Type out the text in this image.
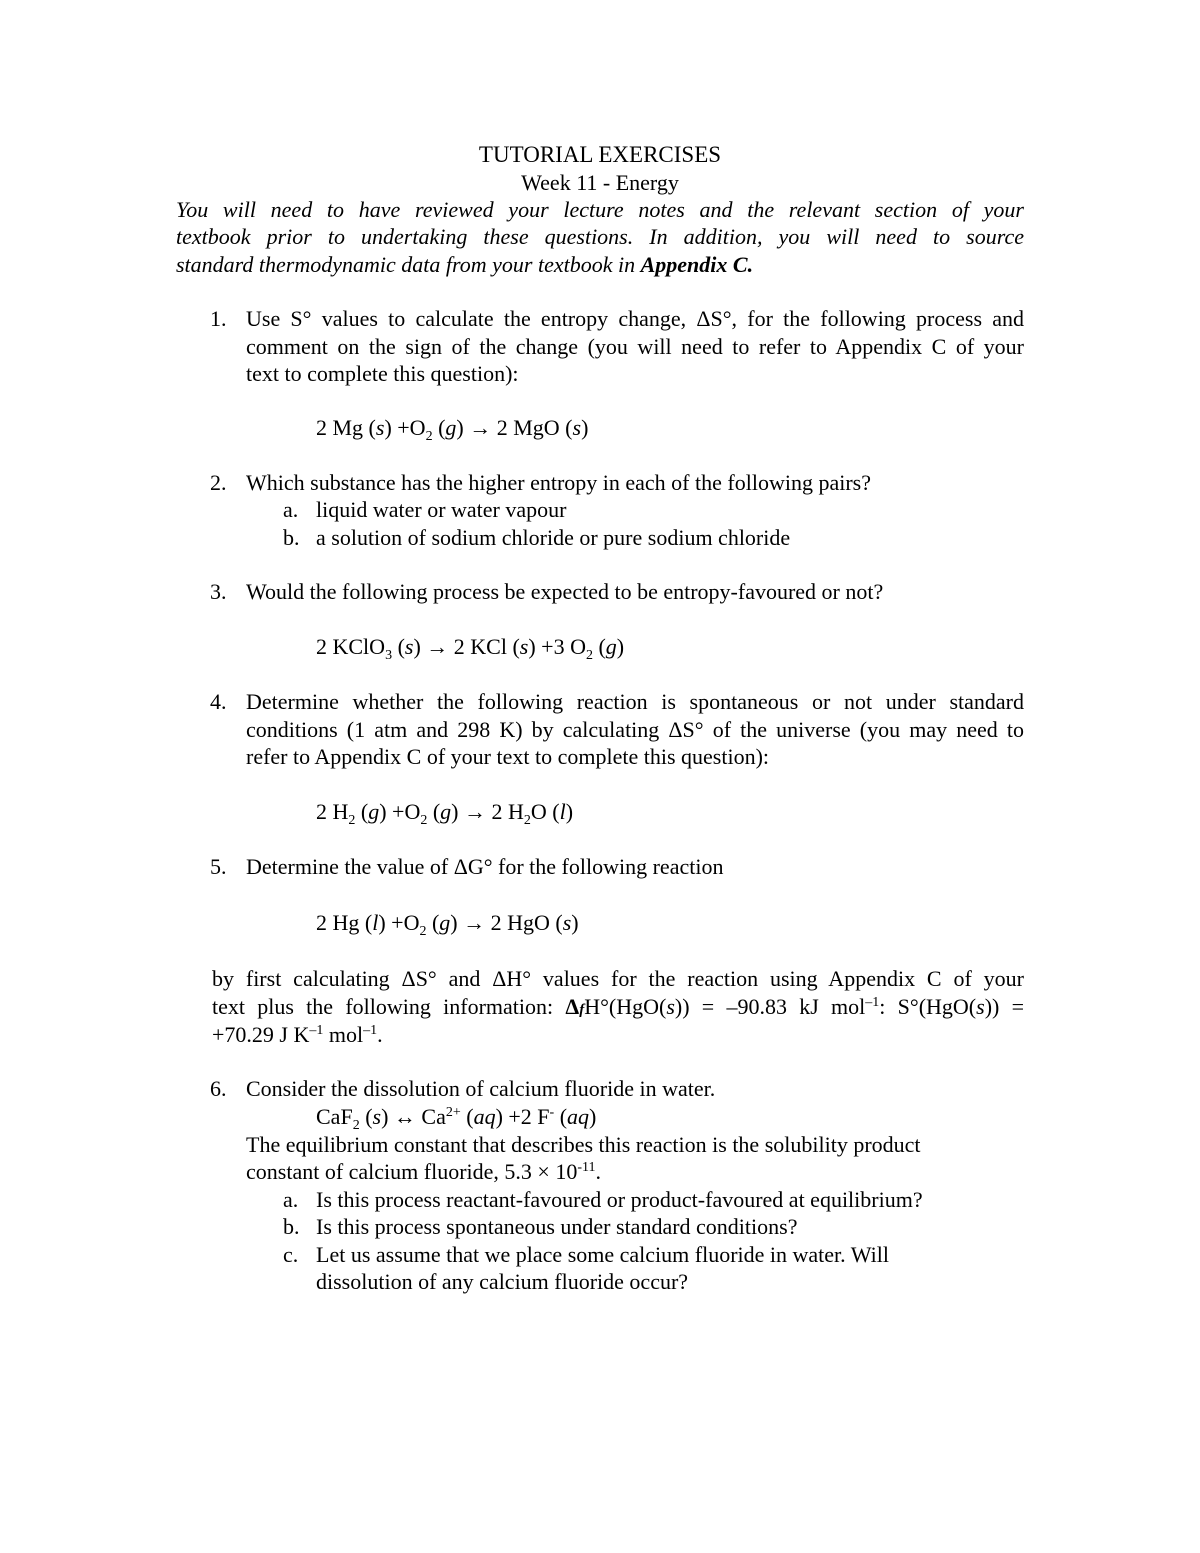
TUTORIAL EXERCISES
Week 11 - Energy
You will need to have reviewed your lecture notes and the relevant section of your
textbook prior to undertaking these questions. In addition, you will need to source
standard thermodynamic data from your textbook in Appendix C.
1. Use S° values to calculate the entropy change, ΔS°, for the following process and
comment on the sign of the change (you will need to refer to Appendix C of your
text to complete this question):
2 Mg $(s) +O_2$ (g) → 2 MgO (s)
2. Which substance has the higher entropy in each of the following pairs?
a. liquid water or water vapour
b. a solution of sodium chloride or pure sodium chloride
3. Would the following process be expected to be entropy-favoured or not?
2 KClO$_3$ (s) → 2 KCl (s) +3 $O_2$ (g)
4. Determine whether the following reaction is spontaneous or not under standard
conditions (1 atm and 298 K) by calculating ΔS° of the universe (you may need to
refer to Appendix C of your text to complete this question):
2 $H_2$ $(g) +O_2$ (g) → 2 $H_2O$ (l)
5. Determine the value of ΔG° for the following reaction
2 Hg $(l) +O_2$ (g) → 2 HgO (s)
by first calculating ΔS° and ΔH° values for the reaction using Appendix C of your
text plus the following information: ΔfH°(HgO(s)) = –90.83 kJ mol$^{-1}$: S°(HgO(s)) =
+70.29 J $K^{-1}$ mol$^{-1}$.
6. Consider the dissolution of calcium fluoride in water.
CaF$_2$ (s) ↔ $Ca^{2+}$ (aq) +2 F- (aq)
The equilibrium constant that describes this reaction is the solubility product
constant of calcium fluoride, $5.3 \times 10^{-11}$.
a. Is this process reactant-favoured or product-favoured at equilibrium?
b. Is this process spontaneous under standard conditions?
c. Let us assume that we place some calcium fluoride in water. Will
dissolution of any calcium fluoride occur?
